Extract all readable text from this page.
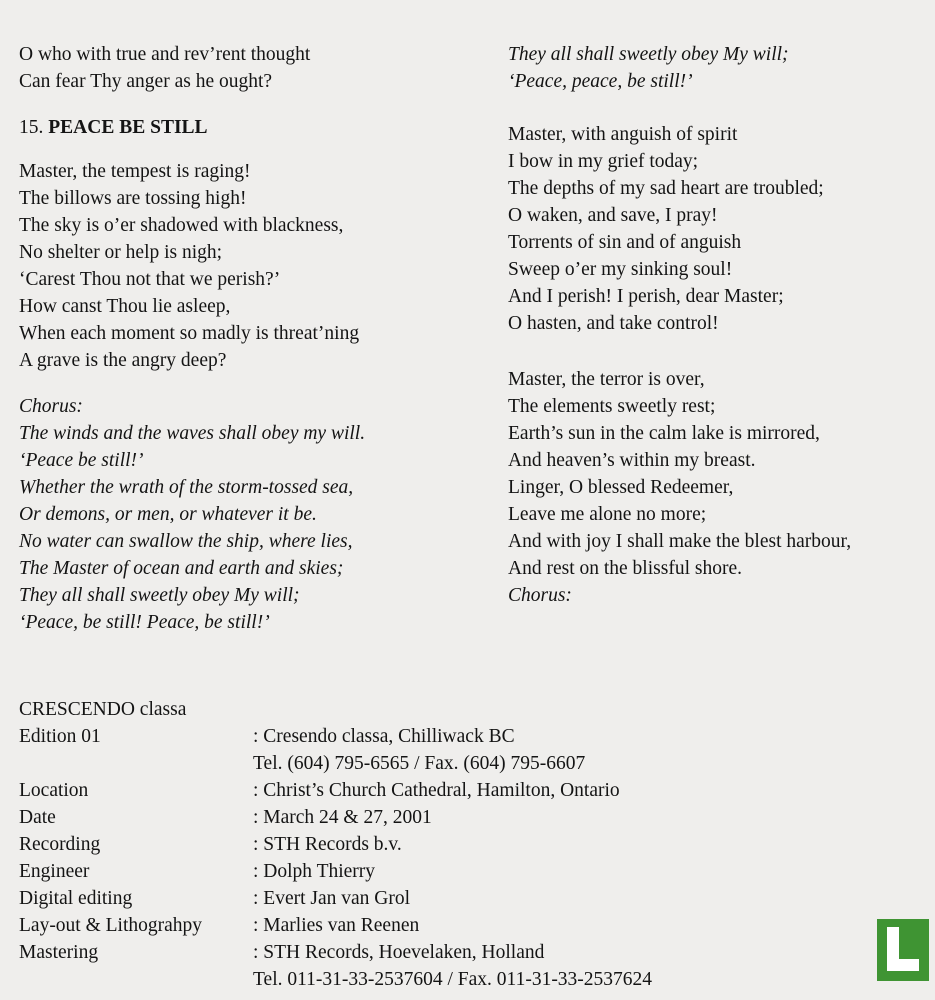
O who with true and rev’rent thought
Can fear Thy anger as he ought?
15. PEACE BE STILL
Master, the tempest is raging!
The billows are tossing high!
The sky is o’er shadowed with blackness,
No shelter or help is nigh;
‘Carest Thou not that we perish?’
How canst Thou lie asleep,
When each moment so madly is threat’ning
A grave is the angry deep?
Chorus:
The winds and the waves shall obey my will.
‘Peace be still!’
Whether the wrath of the storm-tossed sea,
Or demons, or men, or whatever it be.
No water can swallow the ship, where lies,
The Master of ocean and earth and skies;
They all shall sweetly obey My will;
‘Peace, be still! Peace, be still!’
CRESCENDO classa
Edition 01	: Cresendo classa, Chilliwack BC
Tel. (604) 795-6565 / Fax. (604) 795-6607
Location	: Christ’s Church Cathedral, Hamilton, Ontario
Date	: March 24 & 27, 2001
Recording	: STH Records b.v.
Engineer	: Dolph Thierry
Digital editing	: Evert Jan van Grol
Lay-out & Lithograhpy	: Marlies van Reenen
Mastering	: STH Records, Hoevelaken, Holland
Tel. 011-31-33-2537604 / Fax. 011-31-33-2537624
They all shall sweetly obey My will;
‘Peace, peace, be still!’
Master, with anguish of spirit
I bow in my grief today;
The depths of my sad heart are troubled;
O waken, and save, I pray!
Torrents of sin and of anguish
Sweep o’er my sinking soul!
And I perish! I perish, dear Master;
O hasten, and take control!
Master, the terror is over,
The elements sweetly rest;
Earth’s sun in the calm lake is mirrored,
And heaven’s within my breast.
Linger, O blessed Redeemer,
Leave me alone no more;
And with joy I shall make the blest harbour,
And rest on the blissful shore.
Chorus:
